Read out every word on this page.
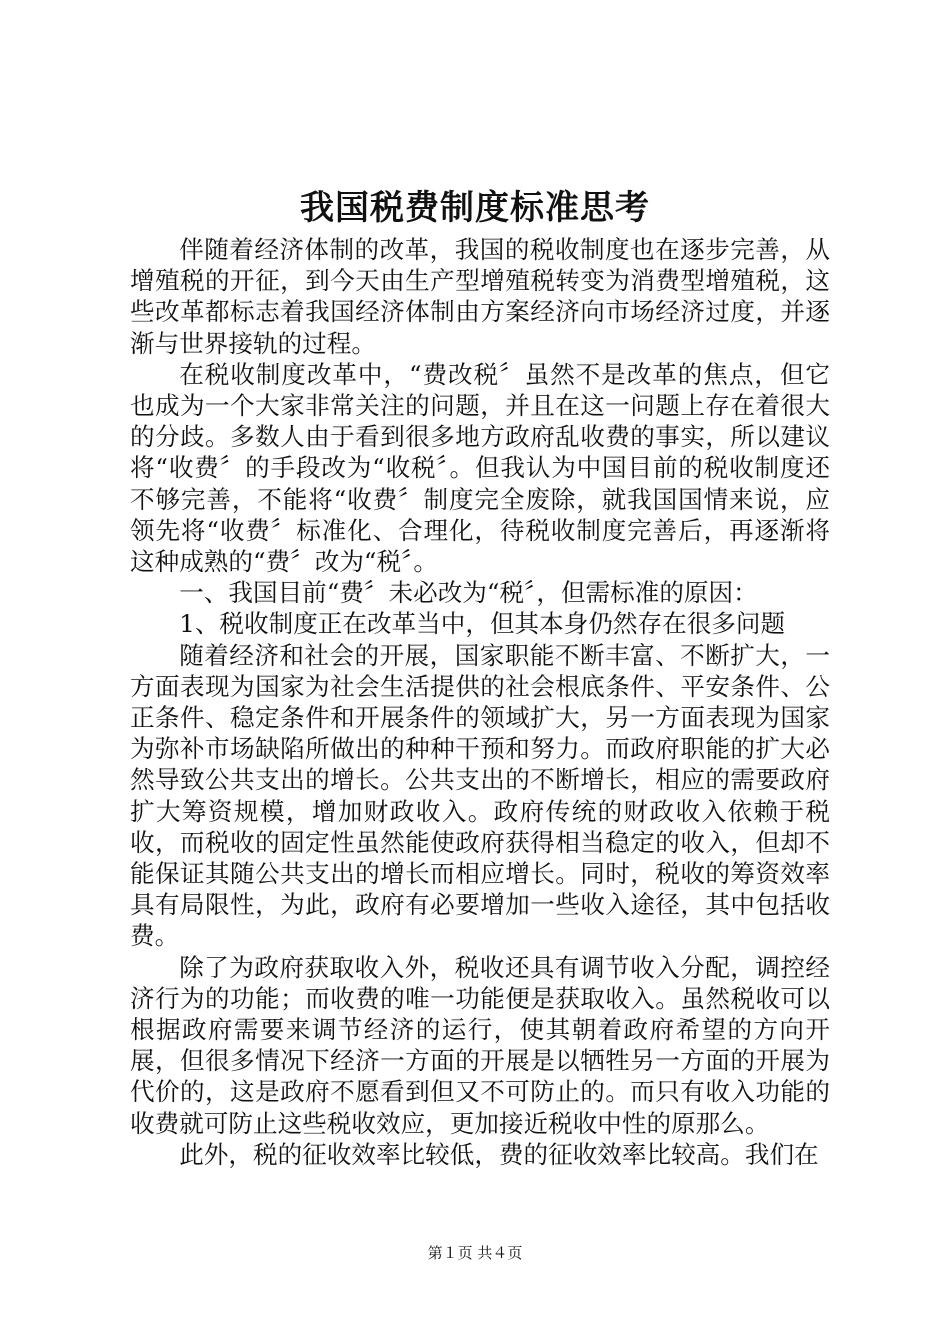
我国税费制度标准思考

伴随着经济体制的改革，我国的税收制度也在逐步完善，从增殖税的开征，到今天由生产型增殖税转变为消费型增殖税，这些改革都标志着我国经济体制由方案经济向市场经济过度，并逐渐与世界接轨的过程。

在税收制度改革中，“费改税〞虽然不是改革的焦点，但它也成为一个大家非常关注的问题，并且在这一问题上存在着很大的分歧。多数人由于看到很多地方政府乱收费的事实，所以建议将“收费〞的手段改为“收税〞。但我认为中国目前的税收制度还不够完善，不能将“收费〞制度完全废除，就我国国情来说，应领先将“收费〞标准化、合理化，待税收制度完善后，再逐渐将这种成熟的“费〞改为“税〞。

一、我国目前“费〞未必改为“税〞，但需标准的原因：

1、税收制度正在改革当中，但其本身仍然存在很多问题

随着经济和社会的开展，国家职能不断丰富、不断扩大，一方面表现为国家为社会生活提供的社会根底条件、平安条件、公正条件、稳定条件和开展条件的领域扩大，另一方面表现为国家为弥补市场缺陷所做出的种种干预和努力。而政府职能的扩大必然导致公共支出的增长。公共支出的不断增长，相应的需要政府扩大筹资规模，增加财政收入。政府传统的财政收入依赖于税收，而税收的固定性虽然能使政府获得相当稳定的收入，但却不能保证其随公共支出的增长而相应增长。同时，税收的筹资效率具有局限性，为此，政府有必要增加一些收入途径，其中包括收费。

除了为政府获取收入外，税收还具有调节收入分配，调控经济行为的功能；而收费的唯一功能便是获取收入。虽然税收可以根据政府需要来调节经济的运行，使其朝着政府希望的方向开展，但很多情况下经济一方面的开展是以牺牲另一方面的开展为代价的，这是政府不愿看到但又不可防止的。而只有收入功能的收费就可防止这些税收效应，更加接近税收中性的原那么。

此外，税的征收效率比较低，费的征收效率比较高。我们在

第１页 共４页
